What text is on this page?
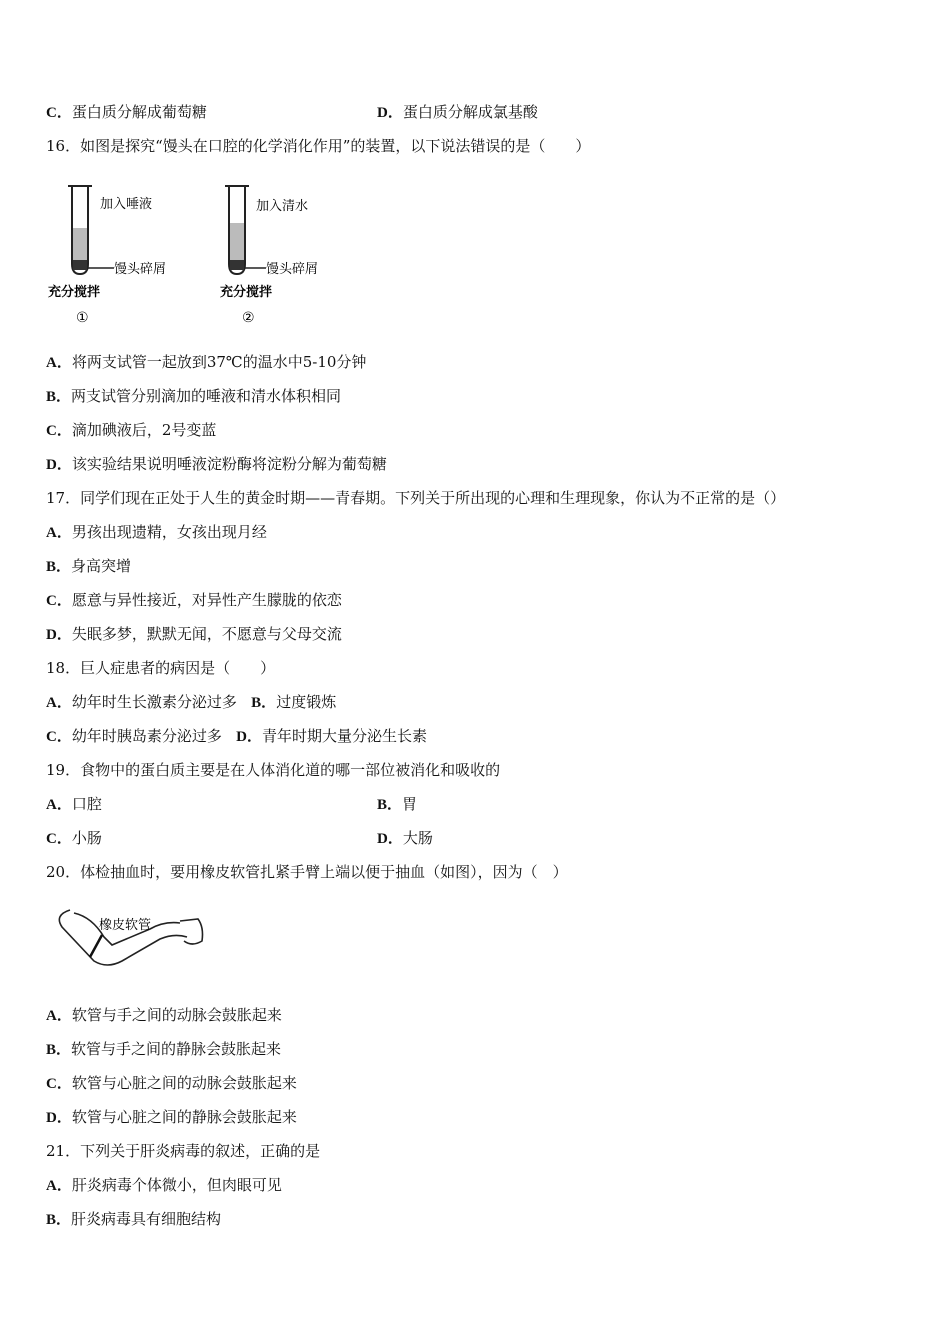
C．蛋白质分解成葡萄糖	D．蛋白质分解成氯基酸
16．如图是探究“馒头在口腔的化学消化作用”的装置，以下说法错误的是（　　）
加入唾液
馒头碎屑
充分搅拌
①
加入清水
馒头碎屑
充分搅拌
②
A．将两支试管一起放到37℃的温水中5-10分钟
B．两支试管分别滴加的唾液和清水体积相同
C．滴加碘液后，2号变蓝
D．该实验结果说明唾液淀粉酶将淀粉分解为葡萄糖
17．同学们现在正处于人生的黄金时期——青春期。下列关于所出现的心理和生理现象，你认为不正常的是（）
A．男孩出现遗精，女孩出现月经
B．身高突增
C．愿意与异性接近，对异性产生朦胧的依恋
D．失眠多梦，默默无闻，不愿意与父母交流
18．巨人症患者的病因是（　　）
A．幼年时生长激素分泌过多 B．过度锻炼
C．幼年时胰岛素分泌过多 D．青年时期大量分泌生长素
19．食物中的蛋白质主要是在人体消化道的哪一部位被消化和吸收的
A．口腔	B．胃
C．小肠	D．大肠
20．体检抽血时，要用橡皮软管扎紧手臂上端以便于抽血（如图），因为（　）
橡皮软管
A．软管与手之间的动脉会鼓胀起来
B．软管与手之间的静脉会鼓胀起来
C．软管与心脏之间的动脉会鼓胀起来
D．软管与心脏之间的静脉会鼓胀起来
21．下列关于肝炎病毒的叙述，正确的是
A．肝炎病毒个体微小，但肉眼可见
B．肝炎病毒具有细胞结构
